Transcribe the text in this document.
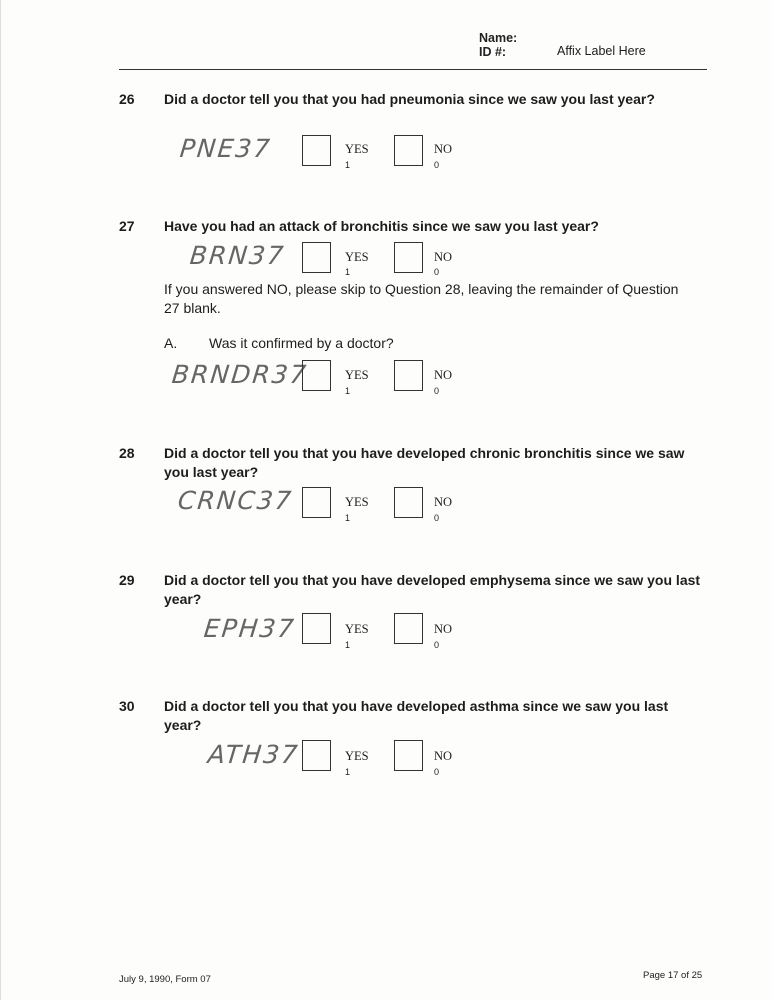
Name:
ID #:	Affix Label Here
26 Did a doctor tell you that you had pneumonia since we saw you last year?
PNE37	YES
1
NO
0
27 Have you had an attack of bronchitis since we saw you last year?
BRN37	YES
1
NO
0
If you answered NO, please skip to Question 28, leaving the remainder of Question 27 blank.
A. Was it confirmed by a doctor?
BRNDR37	YES
1
NO
0
28 Did a doctor tell you that you have developed chronic bronchitis since we saw you last year?
CRNC37	YES
1
NO
0
29 Did a doctor tell you that you have developed emphysema since we saw you last year?
EPH37	YES
1
NO
0
30 Did a doctor tell you that you have developed asthma since we saw you last year?
ATH37	YES
1
NO
0
July 9, 1990, Form 07	Page 17 of 25
